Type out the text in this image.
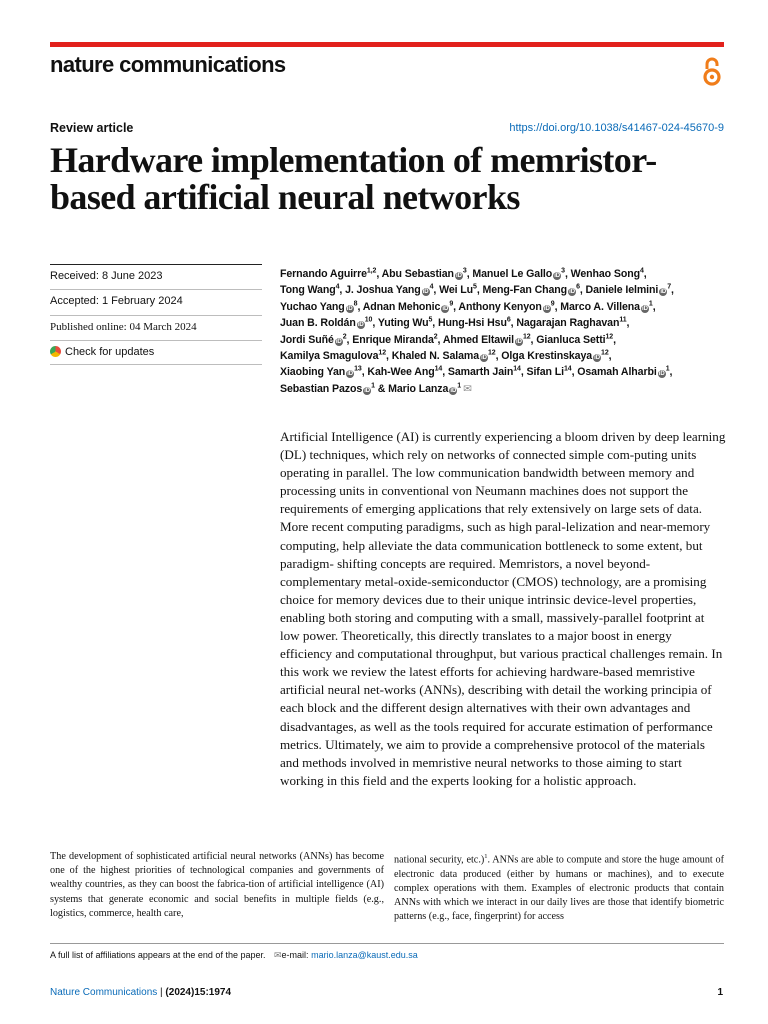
nature communications
Review article	https://doi.org/10.1038/s41467-024-45670-9
Hardware implementation of memristor-based artificial neural networks
Received: 8 June 2023
Accepted: 1 February 2024
Published online: 04 March 2024
Check for updates
Fernando Aguirre$^{1,2}$, Abu Sebastian $iD^3$, Manuel Le Gallo $iD^3$, Wenhao Song$^4$,
Tong Wang$^4$, J. Joshua Yang $iD^4$, Wei Lu$^5$, Meng-Fan Chang $iD^6$, Daniele Ielmini $iD^7$,
Yuchao Yang $iD^8$, Adnan Mehonic $iD^9$, Anthony Kenyon $iD^9$, Marco A. Villena $iD^1$,
Juan B. Roldán $iD^{10}$, Yuting Wu$^5$, Hung-Hsi Hsu$^6$, Nagarajan Raghavan$^{11}$,
Jordi Suñé $iD^2$, Enrique Miranda$^2$, Ahmed Eltawil $iD^{12}$, Gianluca Setti$^{12}$,
Kamilya Smagulova$^{12}$, Khaled N. Salama $iD^{12}$, Olga Krestinskaya $iD^{12}$,
Xiaobing Yan $iD^{13}$, Kah-Wee Ang$^{14}$, Samarth Jain$^{14}$, Sifan Li$^{14}$, Osamah Alharbi $iD^1$,
Sebastian Pazos $iD^1$ & Mario Lanza $iD^1$ ✉
Artificial Intelligence (AI) is currently experiencing a bloom driven by deep learning (DL) techniques, which rely on networks of connected simple com-puting units operating in parallel. The low communication bandwidth between memory and processing units in conventional von Neumann machines does not support the requirements of emerging applications that rely extensively on large sets of data. More recent computing paradigms, such as high paral-lelization and near-memory computing, help alleviate the data communication bottleneck to some extent, but paradigm- shifting concepts are required. Memristors, a novel beyond-complementary metal-oxide-semiconductor (CMOS) technology, are a promising choice for memory devices due to their unique intrinsic device-level properties, enabling both storing and computing with a small, massively-parallel footprint at low power. Theoretically, this directly translates to a major boost in energy efficiency and computational throughput, but various practical challenges remain. In this work we review the latest efforts for achieving hardware-based memristive artificial neural net-works (ANNs), describing with detail the working principia of each block and the different design alternatives with their own advantages and disadvantages, as well as the tools required for accurate estimation of performance metrics. Ultimately, we aim to provide a comprehensive protocol of the materials and methods involved in memristive neural networks to those aiming to start working in this field and the experts looking for a holistic approach.
The development of sophisticated artificial neural networks (ANNs) has become one of the highest priorities of technological companies and governments of wealthy countries, as they can boost the fabrica-tion of artificial intelligence (AI) systems that generate economic and social benefits in multiple fields (e.g., logistics, commerce, health care,
national security, etc.)$^1$. ANNs are able to compute and store the huge amount of electronic data produced (either by humans or machines), and to execute complex operations with them. Examples of electronic products that contain ANNs with which we interact in our daily lives are those that identify biometric patterns (e.g., face, fingerprint) for access
A full list of affiliations appears at the end of the paper. ✉e-mail: mario.lanza@kaust.edu.sa
Nature Communications | (2024)15:1974	1
